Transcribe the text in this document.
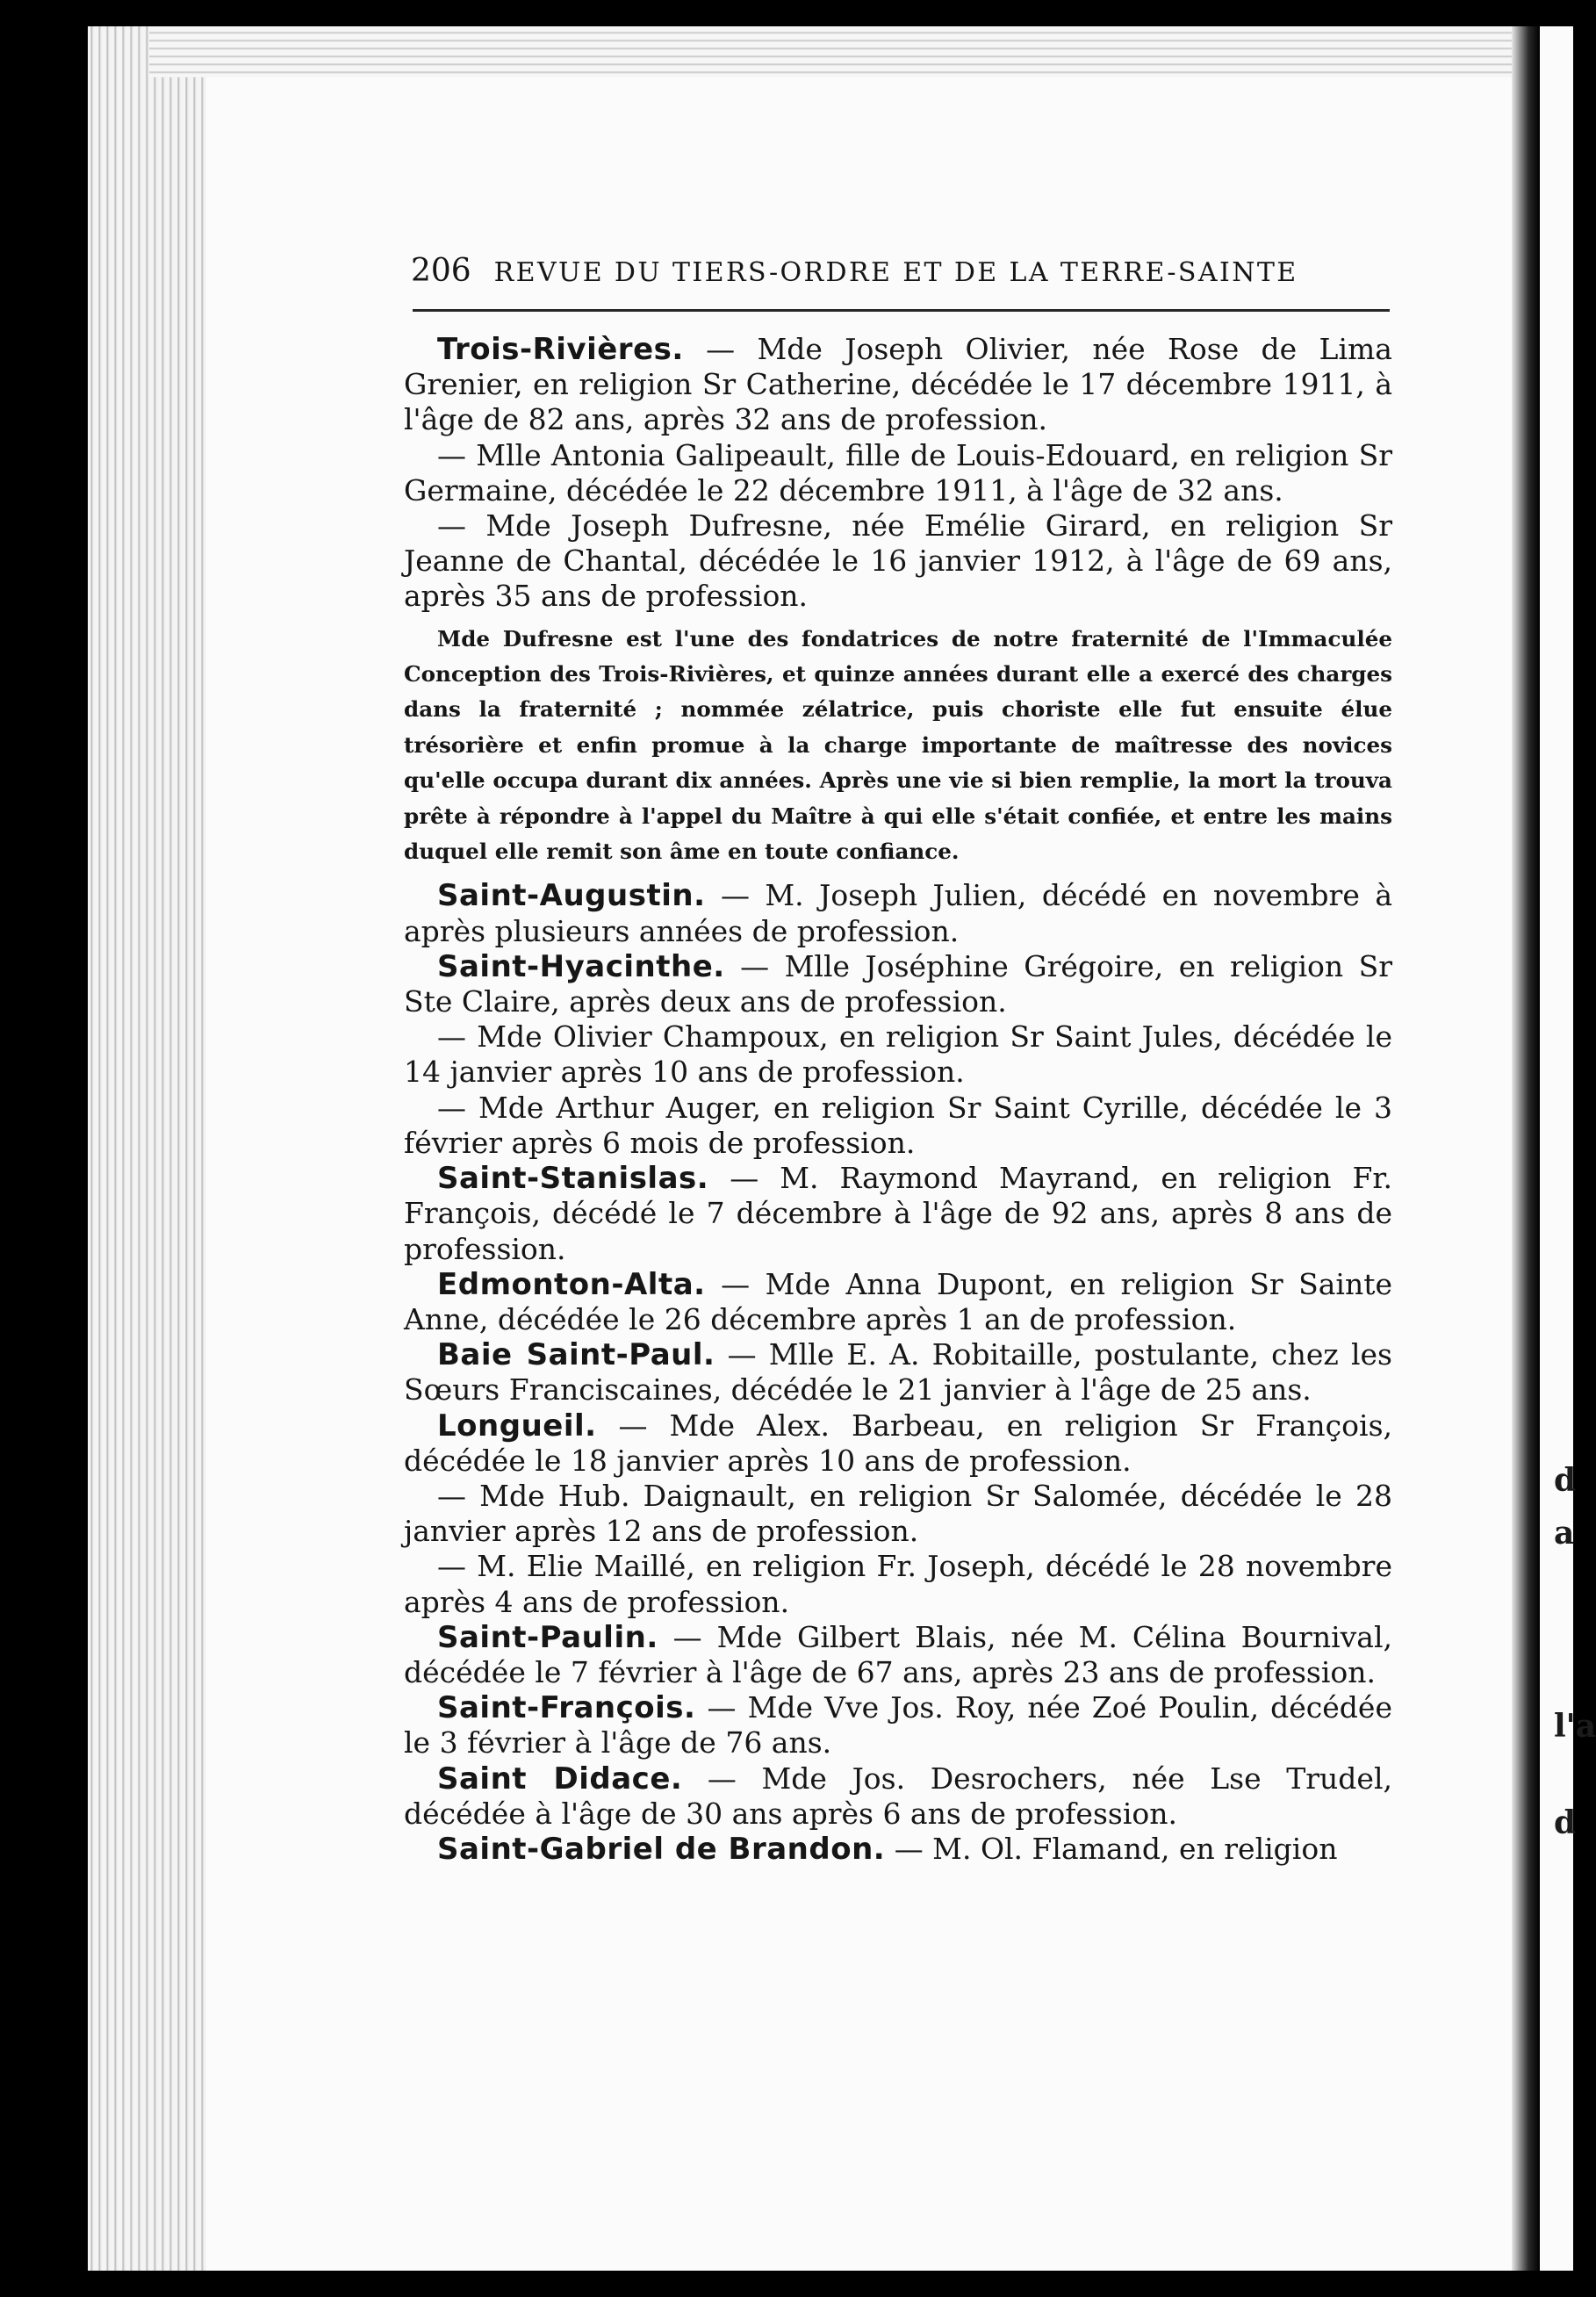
d
a
l'a
d
206 REVUE DU TIERS-ORDRE ET DE LA TERRE-SAINTE

Trois-Rivières. — Mde Joseph Olivier, née Rose de Lima Grenier, en religion Sr Catherine, décédée le 17 décembre 1911, à l'âge de 82 ans, après 32 ans de profession.

— Mlle Antonia Galipeault, fille de Louis-Edouard, en religion Sr Germaine, décédée le 22 décembre 1911, à l'âge de 32 ans.

— Mde Joseph Dufresne, née Emélie Girard, en religion Sr Jeanne de Chantal, décédée le 16 janvier 1912, à l'âge de 69 ans, après 35 ans de profession.

Mde Dufresne est l'une des fondatrices de notre fraternité de l'Immaculée Conception des Trois-Rivières, et quinze années durant elle a exercé des charges dans la fraternité ; nommée zélatrice, puis choriste elle fut ensuite élue trésorière et enfin promue à la charge importante de maîtresse des novices qu'elle occupa durant dix années. Après une vie si bien remplie, la mort la trouva prête à répondre à l'appel du Maître à qui elle s'était confiée, et entre les mains duquel elle remit son âme en toute confiance.

Saint-Augustin. — M. Joseph Julien, décédé en novembre à après plusieurs années de profession.

Saint-Hyacinthe. — Mlle Joséphine Grégoire, en religion Sr Ste Claire, après deux ans de profession.

— Mde Olivier Champoux, en religion Sr Saint Jules, décédée le 14 janvier après 10 ans de profession.

— Mde Arthur Auger, en religion Sr Saint Cyrille, décédée le 3 février après 6 mois de profession.

Saint-Stanislas. — M. Raymond Mayrand, en religion Fr. François, décédé le 7 décembre à l'âge de 92 ans, après 8 ans de profession.

Edmonton-Alta. — Mde Anna Dupont, en religion Sr Sainte Anne, décédée le 26 décembre après 1 an de profession.

Baie Saint-Paul. — Mlle E. A. Robitaille, postulante, chez les Sœurs Franciscaines, décédée le 21 janvier à l'âge de 25 ans.

Longueil. — Mde Alex. Barbeau, en religion Sr François, décédée le 18 janvier après 10 ans de profession.

— Mde Hub. Daignault, en religion Sr Salomée, décédée le 28 janvier après 12 ans de profession.

— M. Elie Maillé, en religion Fr. Joseph, décédé le 28 novembre après 4 ans de profession.

Saint-Paulin. — Mde Gilbert Blais, née M. Célina Bournival, décédée le 7 février à l'âge de 67 ans, après 23 ans de profession.

Saint-François. — Mde Vve Jos. Roy, née Zoé Poulin, décédée le 3 février à l'âge de 76 ans.

Saint Didace. — Mde Jos. Desrochers, née Lse Trudel, décédée à l'âge de 30 ans après 6 ans de profession.

Saint-Gabriel de Brandon. — M. Ol. Flamand, en religion
